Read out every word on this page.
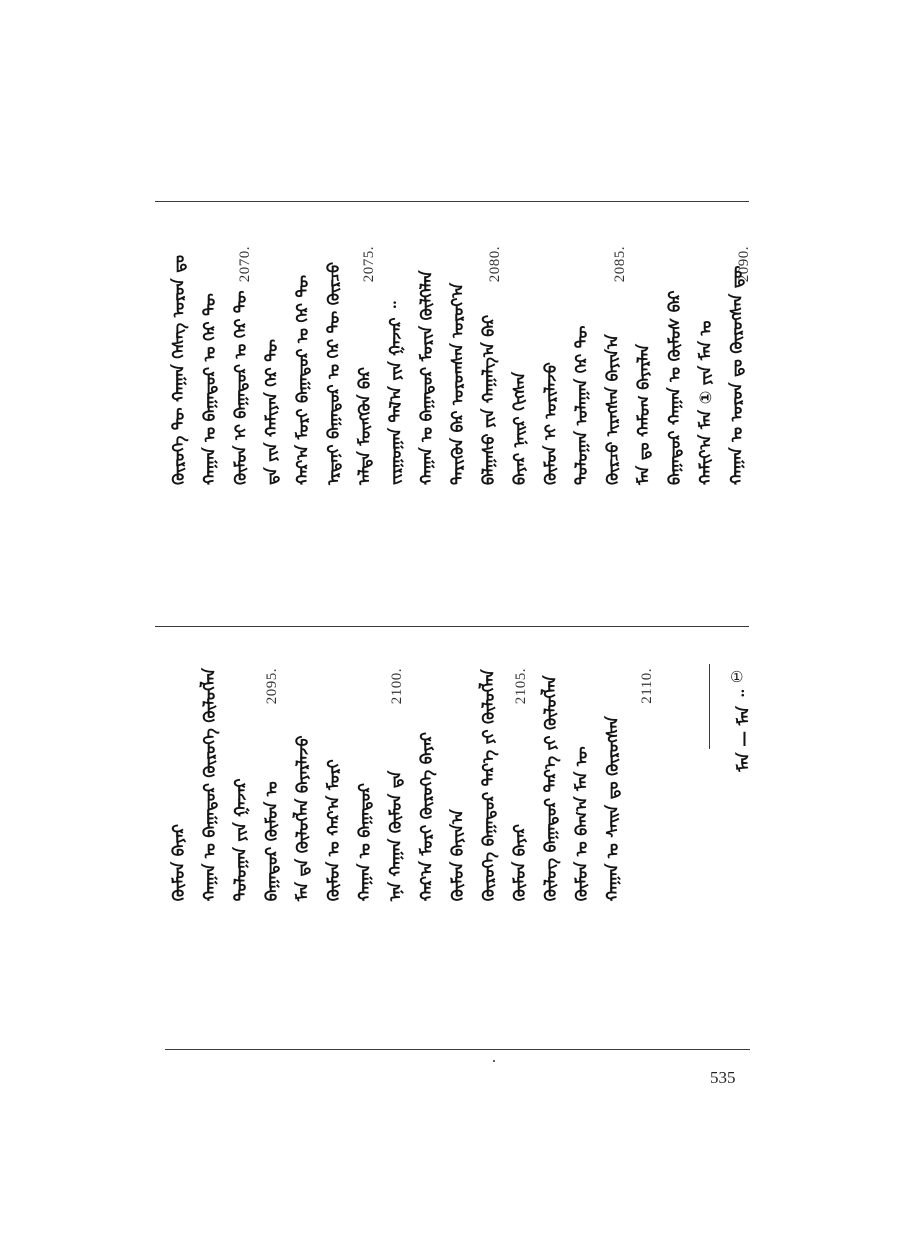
2090.
2085.
2080.
2075.
2070.
ᠬᠠᠭᠠᠨ ᠤ ᠤᠷᠤᠨ ᠳᠤ ᠬᠦᠷᠦᠭᠰᠡᠨ ᠳᠦ
ᠬᠠᠮᠢᠶ᠎ᠠ ᠮᠠᠨ ① ᠶᠢᠨ ᠮᠠᠨ ᠤ
ᠪᠠᠭᠠᠲᠤᠷ ᠬᠠᠭᠠᠨ ᠤ ᠬᠦᠮᠦᠰ ᠪᠠᠷ
ᠮᠠᠨ ᠳᠤ ᠬᠠᠮᠤᠭ ᠪᠠᠶᠠᠷᠯᠠᠨ
ᠬᠦᠷᠴᠦ ᠢᠷᠡᠭᠰᠡᠨ ᠪᠠᠶᠢᠨ᠎ᠠ
ᠳᠤᠯᠤᠭᠠᠨ ᠤᠯᠠᠭᠠᠨ ᠭᠡᠷ ᠲᠦ
ᠬᠦᠮᠦᠨ ᠢ ᠤᠷᠢᠯᠠᠵᠤ
ᠪᠠᠶᠠᠷ ᠨᠠᠢᠷ ᠬᠢᠭᠰᠡᠨ
ᠪᠠᠯᠭᠠᠰᠤ ᠶᠢᠨ ᠬᠠᠭᠠᠯᠭ᠎ᠠ ᠪᠠᠷ
ᠲᠡᠷᠢᠭᠦᠨ ᠪᠠᠷ ᠣᠷᠤᠭᠰᠠᠨ ᠣᠷᠤᠶ᠎ᠠ
ᠬᠠᠭᠠᠨ ᠤ ᠪᠠᠭᠠᠲᠤᠷ ᠮᠣᠷᠢᠨ ᠬᠦᠯᠭᠡᠯᠡᠨ
ᠵᠢᠷᠭᠤᠭᠠᠨ ᠲᠠᠯ᠎ᠠ ᠶᠢᠨ ᠭᠠᠵᠠᠷ ᠃
ᠠᠯᠲᠠ ᠮᠥᠩᠭᠦᠨ ᠪᠠᠷ
ᠡᠷᠳᠡᠨᠢ ᠪᠠᠭᠠᠲᠤᠷ ᠤ ᠭᠡᠷ ᠲᠦ ᠬᠦᠷᠴᠦ
ᠬᠠᠷ᠎ᠠ ᠮᠣᠷᠢ ᠪᠠᠭᠠᠲᠤᠷ ᠤ ᠭᠡᠷ ᠲᠦ
ᠳᠠ ᠶᠢᠨ ᠬᠠᠮᠢᠶᠠᠨ ᠭᠡᠷ ᠲᠦ
ᠬᠦᠮᠦᠨ ᠢ ᠪᠠᠭᠠᠲᠤᠷ ᠤ ᠭᠡᠷ ᠲᠦ
ᠬᠠᠭᠠᠨ ᠤ ᠪᠠᠭᠠᠲᠤᠷ ᠤ ᠭᠡᠷ ᠲᠦ
ᠬᠦᠷᠦᠭᠡ ᠲᠦ ᠬᠠᠭᠠᠨ ᠬᠡᠰᠡᠭ ᠤᠷᠤᠨ ᠳᠤ
2110.
2105.
2100.
2095.
ᠬᠠᠭᠠᠨ ᠤ ᠰᠠᠢᠨ ᠳᠤ ᠬᠦᠷᠦᠭᠰᠡᠨ
ᠬᠦᠮᠦᠨ ᠤ ᠪᠠᠭ᠎ᠠ ᠮᠠᠨ ᠦ
ᠬᠦᠯᠦᠭ ᠪᠠᠭᠠᠲᠤᠷ ᠲᠡᠷ᠎ᠡ ᠶᠢ ᠬᠦᠯᠦᠭᠯᠡᠨ
ᠬᠦᠮᠦᠨ ᠪᠠᠶᠠᠷ
ᠬᠦᠷᠦᠭᠡ ᠪᠠᠭᠠᠲᠤᠷ ᠲᠡᠷ᠎ᠡ ᠶᠢ ᠬᠦᠯᠦᠭᠯᠡᠨ
ᠬᠦᠮᠦᠨ ᠪᠠᠶᠢᠨ᠎ᠠ
ᠬᠠᠷ᠎ᠠ ᠮᠣᠷᠢ ᠬᠦᠷᠦᠭᠡ ᠪᠠᠶᠠᠷ
ᠡᠨᠡ ᠬᠠᠭᠠᠨ ᠬᠦᠮᠦᠨ ᠳᠡ
ᠬᠠᠭᠠᠨ ᠤ ᠪᠠᠭᠠᠲᠤᠷ
ᠬᠦᠮᠦᠨ ᠤ ᠬᠠᠷ᠎ᠠ ᠮᠣᠷᠢ
ᠮᠠᠨ ᠳᠡ ᠬᠦᠯᠦᠭᠯᠡᠨ ᠪᠠᠶᠠᠷᠯᠠᠵᠤ
ᠪᠠᠭᠠᠲᠤᠷ ᠬᠦᠮᠦᠨ ᠤ
ᠳᠤᠯᠤᠭᠠᠨ ᠶᠢᠨ ᠭᠠᠵᠠᠷ
ᠬᠠᠭᠠᠨ ᠤ ᠪᠠᠭᠠᠲᠤᠷ ᠬᠦᠷᠦᠭᠡ ᠬᠦᠯᠦᠭᠯᠡᠨ
ᠬᠦᠮᠦᠨ ᠪᠠᠶᠠᠷ
①
ᠮᠠᠨ — ᠮᠠᠨ ᠃
535
